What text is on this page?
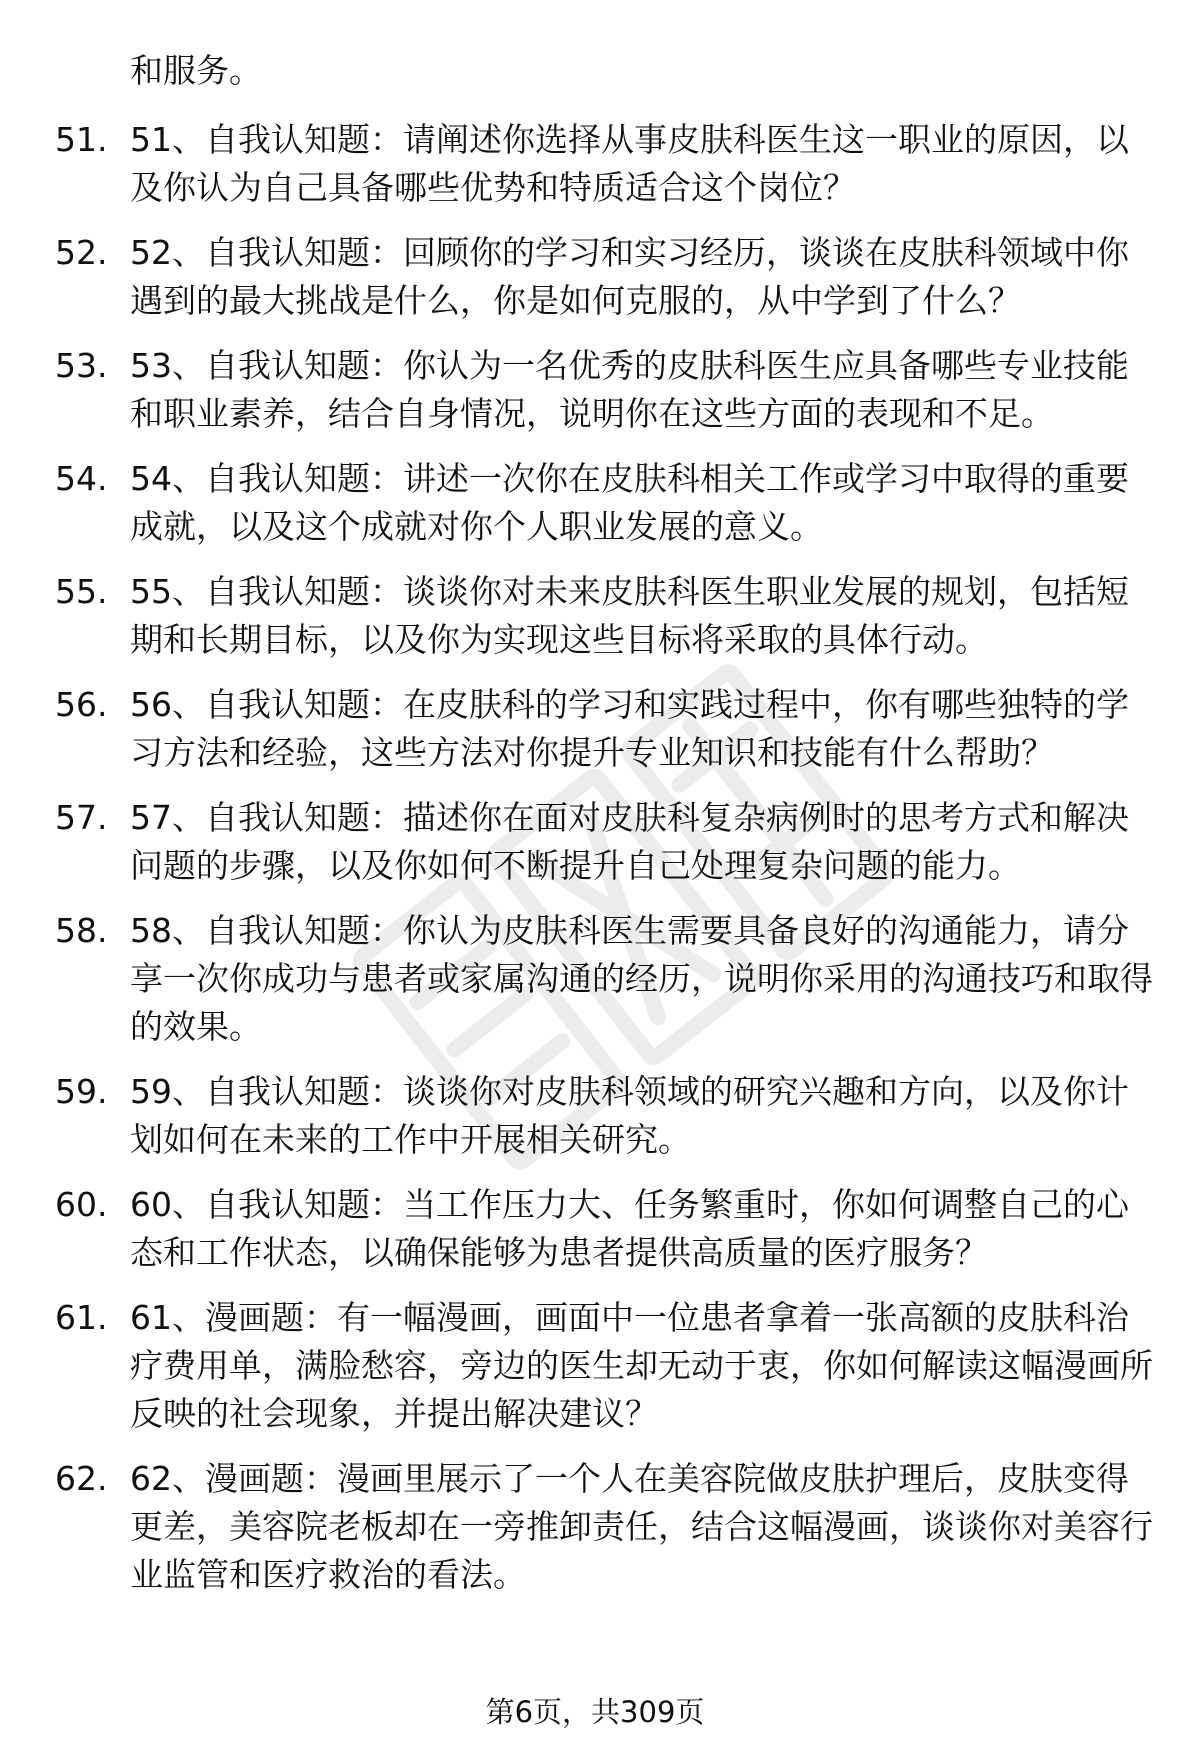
和服务。

51. 51、自我认知题：请阐述你选择从事皮肤科医生这一职业的原因，以及你认为自己具备哪些优势和特质适合这个岗位？
52. 52、自我认知题：回顾你的学习和实习经历，谈谈在皮肤科领域中你遇到的最大挑战是什么，你是如何克服的，从中学到了什么？
53. 53、自我认知题：你认为一名优秀的皮肤科医生应具备哪些专业技能和职业素养，结合自身情况，说明你在这些方面的表现和不足。
54. 54、自我认知题：讲述一次你在皮肤科相关工作或学习中取得的重要成就，以及这个成就对你个人职业发展的意义。
55. 55、自我认知题：谈谈你对未来皮肤科医生职业发展的规划，包括短期和长期目标，以及你为实现这些目标将采取的具体行动。
56. 56、自我认知题：在皮肤科的学习和实践过程中，你有哪些独特的学习方法和经验，这些方法对你提升专业知识和技能有什么帮助？
57. 57、自我认知题：描述你在面对皮肤科复杂病例时的思考方式和解决问题的步骤，以及你如何不断提升自己处理复杂问题的能力。
58. 58、自我认知题：你认为皮肤科医生需要具备良好的沟通能力，请分享一次你成功与患者或家属沟通的经历，说明你采用的沟通技巧和取得的效果。
59. 59、自我认知题：谈谈你对皮肤科领域的研究兴趣和方向，以及你计划如何在未来的工作中开展相关研究。
60. 60、自我认知题：当工作压力大、任务繁重时，你如何调整自己的心态和工作状态，以确保能够为患者提供高质量的医疗服务？
61. 61、漫画题：有一幅漫画，画面中一位患者拿着一张高额的皮肤科治疗费用单，满脸愁容，旁边的医生却无动于衷，你如何解读这幅漫画所反映的社会现象，并提出解决建议？
62. 62、漫画题：漫画里展示了一个人在美容院做皮肤护理后，皮肤变得更差，美容院老板却在一旁推卸责任，结合这幅漫画，谈谈你对美容行业监管和医疗救治的看法。
第6页，共309页
